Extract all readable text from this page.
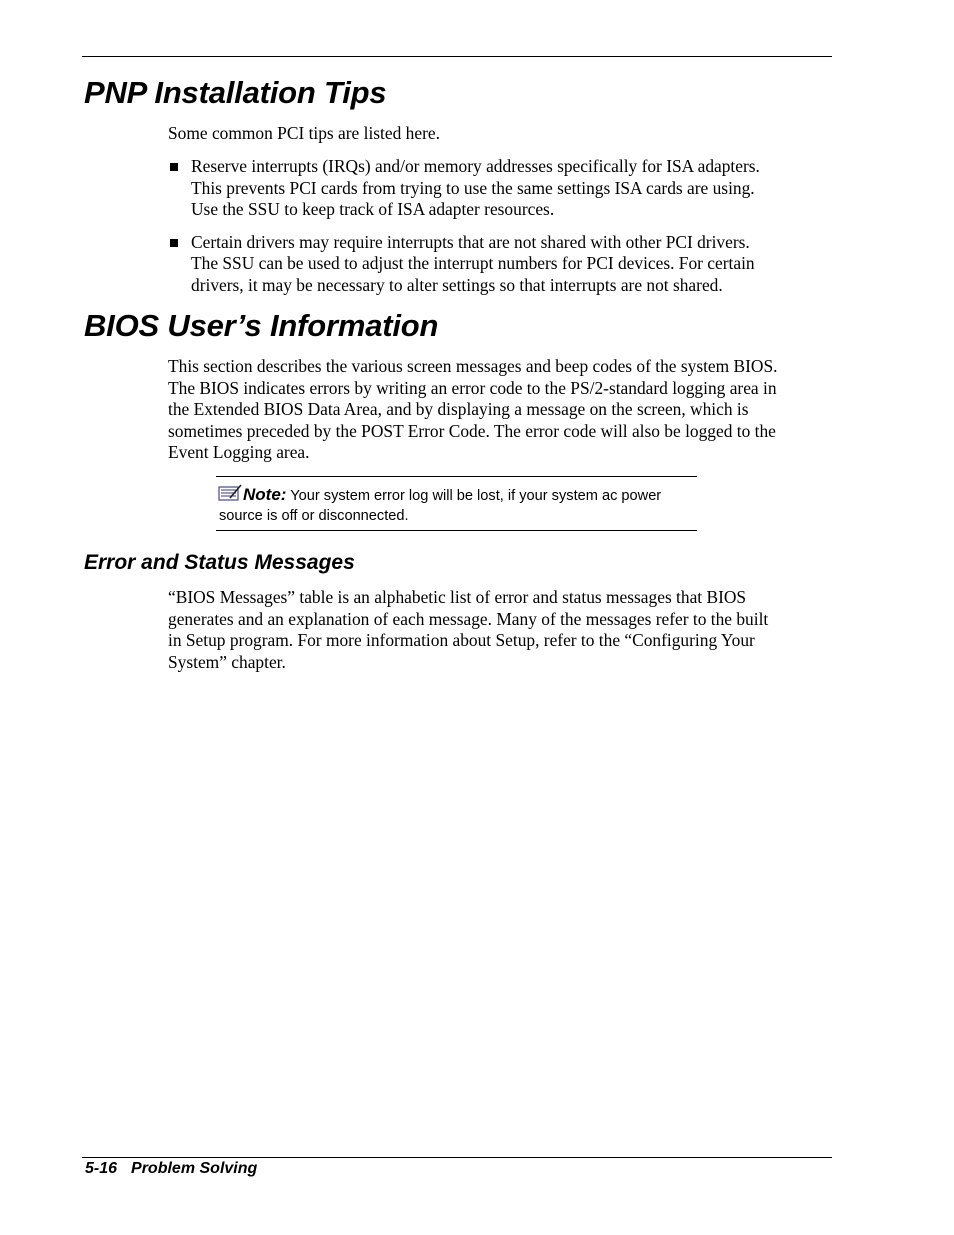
PNP Installation Tips

Some common PCI tips are listed here.

Reserve interrupts (IRQs) and/or memory addresses specifically for ISA adapters.
This prevents PCI cards from trying to use the same settings ISA cards are using.
Use the SSU to keep track of ISA adapter resources.
Certain drivers may require interrupts that are not shared with other PCI drivers.
The SSU can be used to adjust the interrupt numbers for PCI devices. For certain
drivers, it may be necessary to alter settings so that interrupts are not shared.
BIOS User’s Information

This section describes the various screen messages and beep codes of the system BIOS.
The BIOS indicates errors by writing an error code to the PS/2-standard logging area in
the Extended BIOS Data Area, and by displaying a message on the screen, which is
sometimes preceded by the POST Error Code. The error code will also be logged to the
Event Logging area.

Note: Your system error log will be lost, if your system ac power
source is off or disconnected.
Error and Status Messages

“BIOS Messages” table is an alphabetic list of error and status messages that BIOS
generates and an explanation of each message. Many of the messages refer to the built
in Setup program. For more information about Setup, refer to the “Configuring Your
System” chapter.

5-16 Problem Solving
